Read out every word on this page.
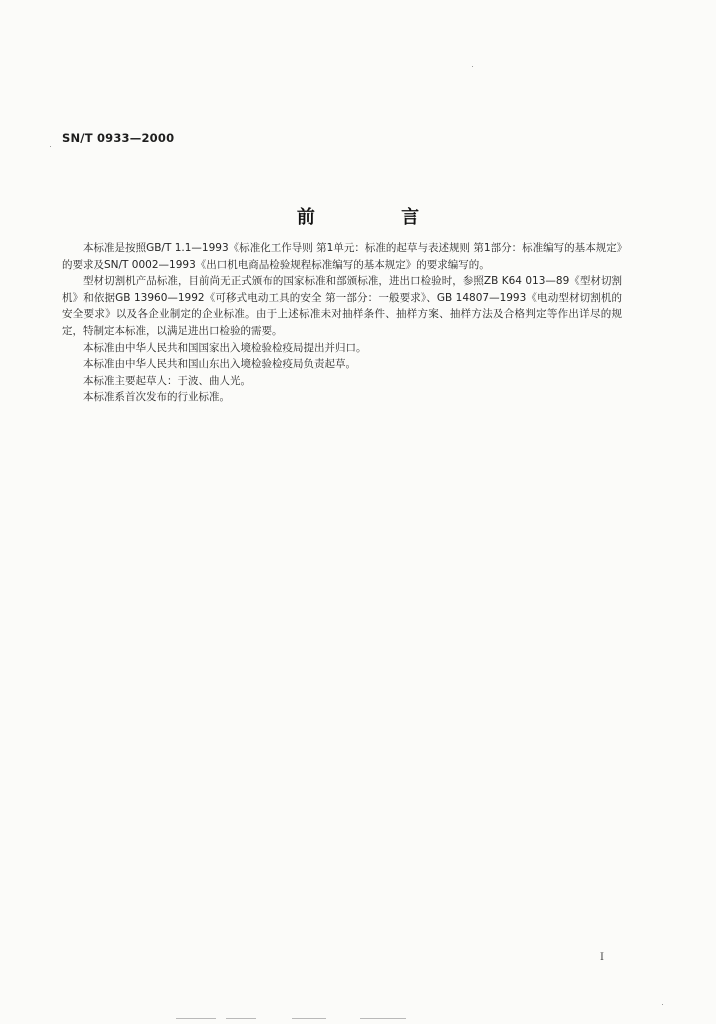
SN/T 0933—2000
前 言

本标准是按照GB/T 1.1—1993《标准化工作导则 第1单元：标准的起草与表述规则 第1部分：标准编写的基本规定》的要求及SN/T 0002—1993《出口机电商品检验规程标准编写的基本规定》的要求编写的。

型材切割机产品标准，目前尚无正式颁布的国家标准和部颁标准，进出口检验时，参照ZB K64 013—89《型材切割机》和依据GB 13960—1992《可移式电动工具的安全 第一部分：一般要求》、GB 14807—1993《电动型材切割机的安全要求》以及各企业制定的企业标准。由于上述标准未对抽样条件、抽样方案、抽样方法及合格判定等作出详尽的规定，特制定本标准，以满足进出口检验的需要。

本标准由中华人民共和国国家出入境检验检疫局提出并归口。

本标准由中华人民共和国山东出入境检验检疫局负责起草。

本标准主要起草人：于波、曲人光。

本标准系首次发布的行业标准。

I
